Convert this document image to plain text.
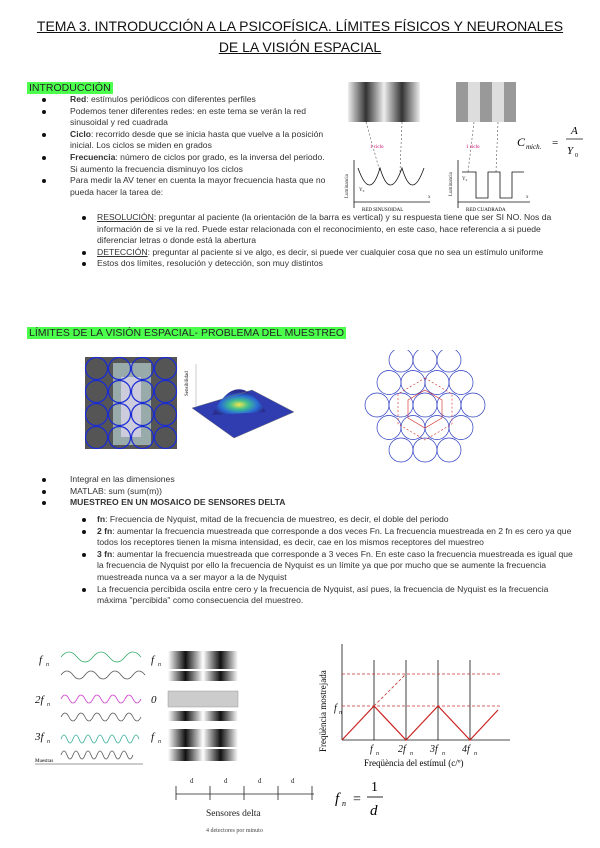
TEMA 3. INTRODUCCIÓN A LA PSICOFÍSICA. LÍMITES FÍSICOS Y NEURONALES
DE LA VISIÓN ESPACIAL
INTRODUCCIÓN
Red: estímulos periódicos con diferentes perfiles
Podemos tener diferentes redes: en este tema se verán la red sinusoidal y red cuadrada
Ciclo: recorrido desde que se inicia hasta que vuelve a la posición inicial. Los ciclos se miden en grados
Frecuencia: número de ciclos por grado, es la inversa del periodo. Si aumento la frecuencia disminuyo los ciclos
Para medir la AV tener en cuenta la mayor frecuencia hasta que no pueda hacer la tarea de:
RESOLUCIÓN: preguntar al paciente (la orientación de la barra es vertical) y su respuesta tiene que ser SI NO. Nos da información de si ve la red. Puede estar relacionada con el reconocimiento, en este caso, hace referencia a si puede diferenciar letras o donde está la abertura
DETECCIÓN: preguntar al paciente si ve algo, es decir, si puede ver cualquier cosa que no sea un estímulo uniforme
Estos dos límites, resolución y detección, son muy distintos
1 ciclo	1 ciclo
Y₀
Y₀
x	x
Luminancia	Luminancia
RED SINUSOIDAL	RED CUADRADA
C mich. =
A
Y 0
LÍMITES DE LA VISIÓN ESPACIAL- PROBLEMA DEL MUESTREO
Sensibilidad
Integral en las dimensiones
MATLAB: sum (sum(m))
MUESTREO EN UN MOSAICO DE SENSORES DELTA
fn: Frecuencia de Nyquist, mitad de la frecuencia de muestreo, es decir, el doble del periodo
2 fn: aumentar la frecuencia muestreada que corresponde a dos veces Fn. La frecuencia muestreada en 2 fn es cero ya que todos los receptores tienen la misma intensidad, es decir, cae en los mismos receptores del muestreo
3 fn: aumentar la frecuencia muestreada que corresponde a 3 veces Fn. En este caso la frecuencia muestreada es igual que la frecuencia de Nyquist por ello la frecuencia de Nyquist es un límite ya que por mucho que se aumente la frecuencia muestreada nunca va a ser mayor a la de Nyquist
La frecuencia percibida oscila entre cero y la frecuencia de Nyquist, así pues, la frecuencia de Nyquist es la frecuencia máxima "percibida" como consecuencia del muestreo.
f n
2f n
3f n
f n
0
f n
Muestras
f n
f n 2f n 3f n 4f n
Freqüència del estímul (c/º)
Freqüència mostrejada
d	d	d	d
Sensores delta
4 detectores por minuto
f n =
1
d
